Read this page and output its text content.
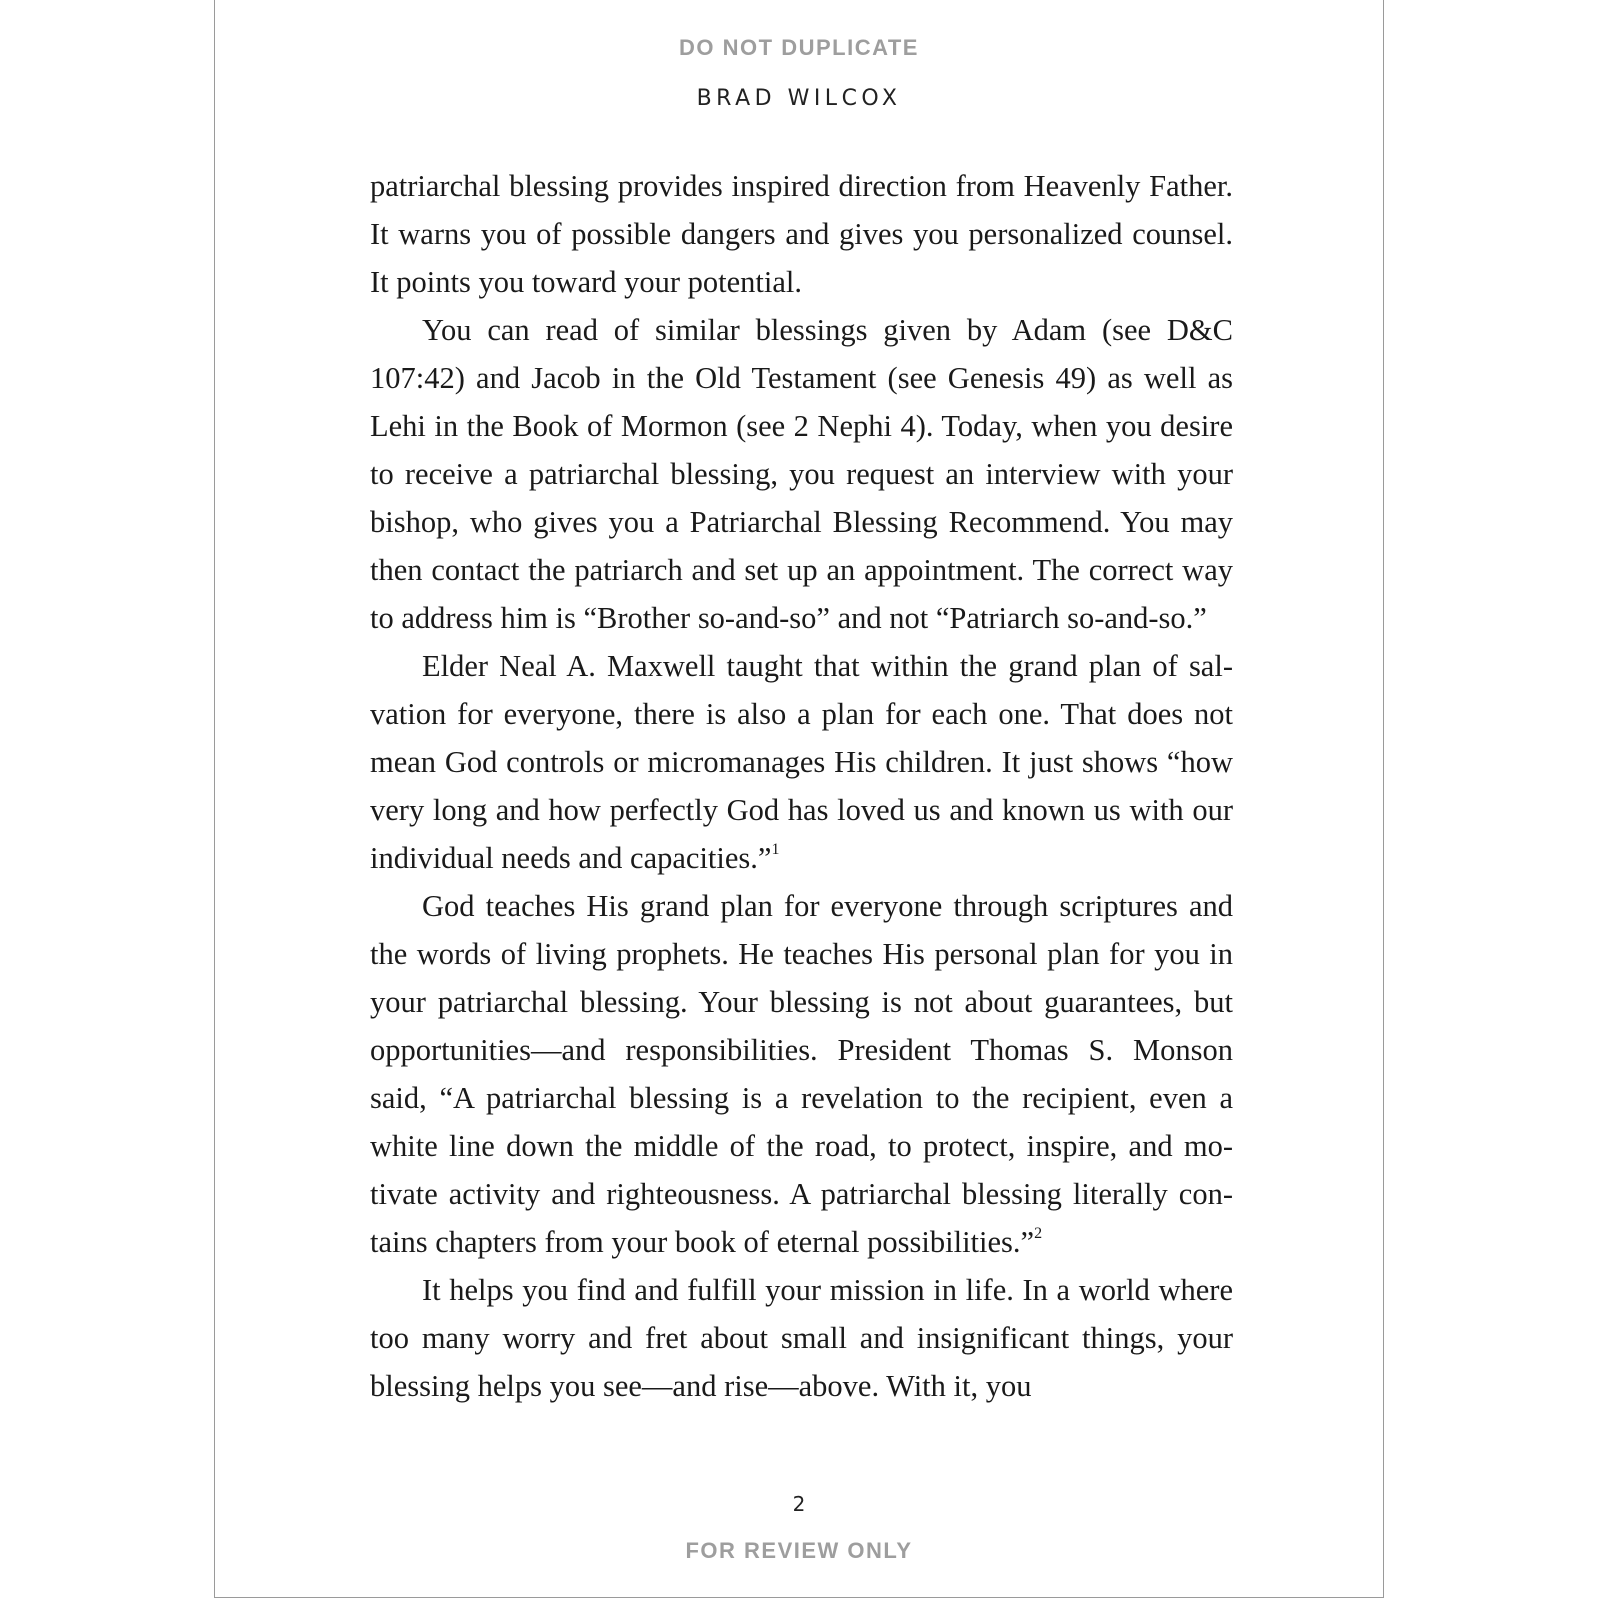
DO NOT DUPLICATE
BRAD WILCOX

patriarchal blessing provides inspired direction from Heavenly Father. It warns you of possible dangers and gives you personalized counsel. It points you toward your potential.

You can read of similar blessings given by Adam (see D&C 107:42) and Jacob in the Old Testament (see Genesis 49) as well as Lehi in the Book of Mormon (see 2 Nephi 4). Today, when you desire to receive a patriarchal blessing, you request an interview with your bishop, who gives you a Patriarchal Blessing Recommend. You may then contact the patriarch and set up an appointment. The correct way to address him is “Brother so-and-so” and not “Patriarch so-and-so.”

Elder Neal A. Maxwell taught that within the grand plan of salvation for everyone, there is also a plan for each one. That does not mean God controls or micromanages His children. It just shows “how very long and how perfectly God has loved us and known us with our individual needs and capacities.”$^1$

God teaches His grand plan for everyone through scriptures and the words of living prophets. He teaches His personal plan for you in your patriarchal blessing. Your blessing is not about guarantees, but opportunities—and responsibilities. President Thomas S. Monson said, “A patriarchal blessing is a revelation to the recipient, even a white line down the middle of the road, to protect, inspire, and motivate activity and righteousness. A patriarchal blessing literally contains chapters from your book of eternal possibilities.”$^2$

It helps you find and fulfill your mission in life. In a world where too many worry and fret about small and insignificant things, your blessing helps you see—and rise—above. With it, you

2
FOR REVIEW ONLY
